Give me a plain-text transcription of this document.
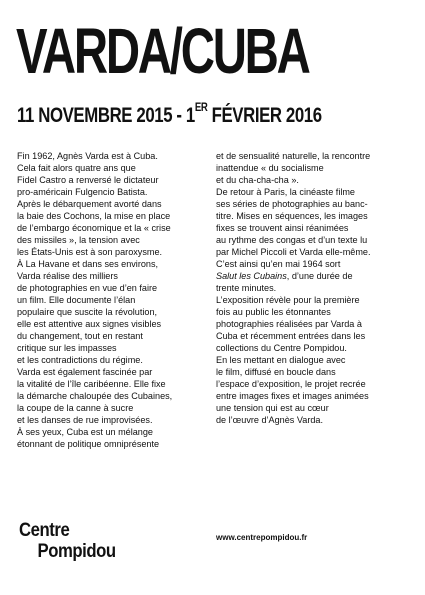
VARDA/CUBA
11 NOVEMBRE 2015 - 1ER FÉVRIER 2016
Fin 1962, Agnès Varda est à Cuba.
Cela fait alors quatre ans que
Fidel Castro a renversé le dictateur
pro-américain Fulgencio Batista.
Après le débarquement avorté dans
la baie des Cochons, la mise en place
de l’embargo économique et la « crise
des missiles », la tension avec
les États-Unis est à son paroxysme.
À La Havane et dans ses environs,
Varda réalise des milliers
de photographies en vue d’en faire
un film. Elle documente l’élan
populaire que suscite la révolution,
elle est attentive aux signes visibles
du changement, tout en restant
critique sur les impasses
et les contradictions du régime.
Varda est également fascinée par
la vitalité de l’île caribéenne. Elle fixe
la démarche chaloupée des Cubaines,
la coupe de la canne à sucre
et les danses de rue improvisées.
À ses yeux, Cuba est un mélange
étonnant de politique omniprésente
et de sensualité naturelle, la rencontre
inattendue « du socialisme
et du cha-cha-cha ».
De retour à Paris, la cinéaste filme
ses séries de photographies au banc-
titre. Mises en séquences, les images
fixes se trouvent ainsi réanimées
au rythme des congas et d’un texte lu
par Michel Piccoli et Varda elle-même.
C’est ainsi qu’en mai 1964 sort
Salut les Cubains, d’une durée de
trente minutes.
L’exposition révèle pour la première
fois au public les étonnantes
photographies réalisées par Varda à
Cuba et récemment entrées dans les
collections du Centre Pompidou.
En les mettant en dialogue avec
le film, diffusé en boucle dans
l’espace d’exposition, le projet recrée
entre images fixes et images animées
une tension qui est au cœur
de l’œuvre d’Agnès Varda.
Centre
Pompidou
www.centrepompidou.fr
